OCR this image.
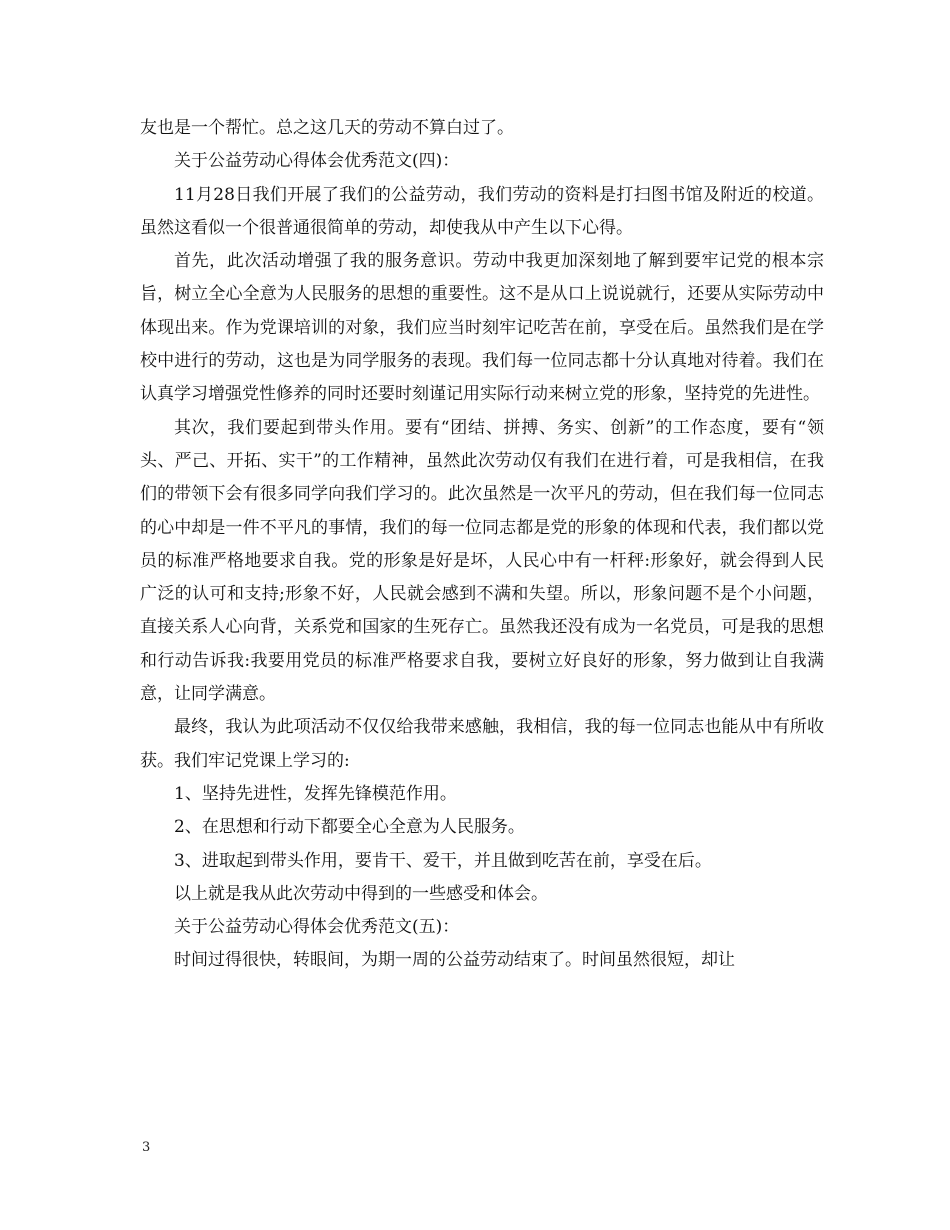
友也是一个帮忙。总之这几天的劳动不算白过了。

关于公益劳动心得体会优秀范文(四)：

11月28日我们开展了我们的公益劳动，我们劳动的资料是打扫图书馆及附近的校道。虽然这看似一个很普通很简单的劳动，却使我从中产生以下心得。

首先，此次活动增强了我的服务意识。劳动中我更加深刻地了解到要牢记党的根本宗旨，树立全心全意为人民服务的思想的重要性。这不是从口上说说就行，还要从实际劳动中体现出来。作为党课培训的对象，我们应当时刻牢记吃苦在前，享受在后。虽然我们是在学校中进行的劳动，这也是为同学服务的表现。我们每一位同志都十分认真地对待着。我们在认真学习增强党性修养的同时还要时刻谨记用实际行动来树立党的形象，坚持党的先进性。

其次，我们要起到带头作用。要有“团结、拼搏、务实、创新”的工作态度，要有“领头、严己、开拓、实干”的工作精神，虽然此次劳动仅有我们在进行着，可是我相信，在我们的带领下会有很多同学向我们学习的。此次虽然是一次平凡的劳动，但在我们每一位同志的心中却是一件不平凡的事情，我们的每一位同志都是党的形象的体现和代表，我们都以党员的标准严格地要求自我。党的形象是好是坏，人民心中有一杆秤:形象好，就会得到人民广泛的认可和支持;形象不好，人民就会感到不满和失望。所以，形象问题不是个小问题，直接关系人心向背，关系党和国家的生死存亡。虽然我还没有成为一名党员，可是我的思想和行动告诉我:我要用党员的标准严格要求自我，要树立好良好的形象，努力做到让自我满意，让同学满意。

最终，我认为此项活动不仅仅给我带来感触，我相信，我的每一位同志也能从中有所收获。我们牢记党课上学习的:

1、坚持先进性，发挥先锋模范作用。

2、在思想和行动下都要全心全意为人民服务。

3、进取起到带头作用，要肯干、爱干，并且做到吃苦在前，享受在后。

以上就是我从此次劳动中得到的一些感受和体会。

关于公益劳动心得体会优秀范文(五)：

时间过得很快，转眼间，为期一周的公益劳动结束了。时间虽然很短，却让

3
